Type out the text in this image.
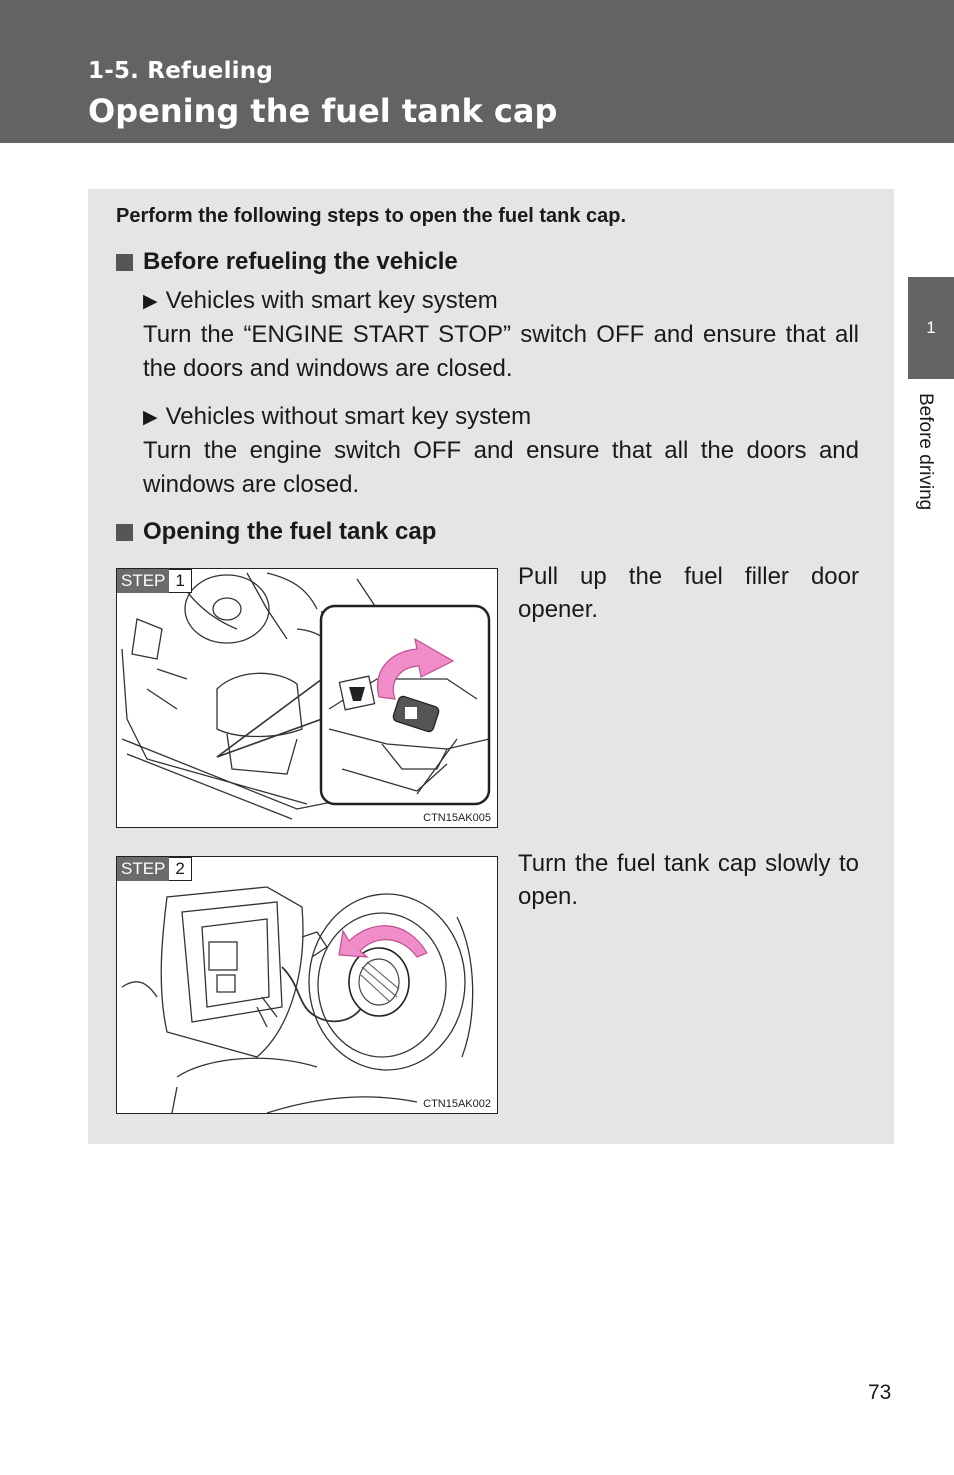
1-5. Refueling
Opening the fuel tank cap
1
Before driving
Perform the following steps to open the fuel tank cap.
Before refueling the vehicle
▶ Vehicles with smart key system
Turn the “ENGINE START STOP” switch OFF and ensure that all the doors and windows are closed.
▶ Vehicles without smart key system
Turn the engine switch OFF and ensure that all the doors and windows are closed.
Opening the fuel tank cap
STEP 1
CTN15AK005
Pull up the fuel filler door opener.
STEP 2
CTN15AK002
Turn the fuel tank cap slowly to open.
73
